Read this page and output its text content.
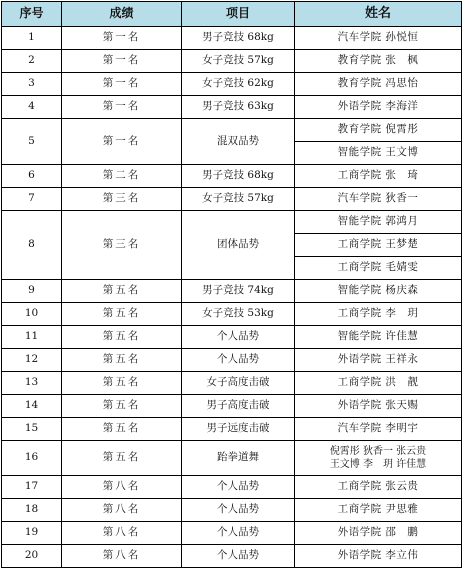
序号	成绩	项目	姓名
1	第一名	男子竞技 68kg	汽车学院 孙悦恒
2	第一名	女子竞技 57kg	教育学院 张　枫
3	第一名	女子竞技 62kg	教育学院 冯思怡
4	第一名	男子竞技 63kg	外语学院 李海洋
5	第一名	混双品势	教育学院 倪霄彤
			智能学院 王文博
6	第二名	男子竞技 68kg	工商学院 张　琦
7	第三名	女子竞技 57kg	汽车学院 狄香一
8	第三名	团体品势	智能学院 郭鸿月
			工商学院 王梦楚
			工商学院 毛婧雯
9	第五名	男子竞技 74kg	智能学院 杨庆森
10	第五名	女子竞技 53kg	工商学院 李　玥
11	第五名	个人品势	智能学院 许佳慧
12	第五名	个人品势	外语学院 王祥永
13	第五名	女子高度击破	工商学院 洪　靓
14	第五名	男子高度击破	外语学院 张天赐
15	第五名	男子远度击破	汽车学院 李明宇
16	第五名	跆拳道舞	倪霄彤 狄香一 张云贵
王文博 李　玥 许佳慧

17	第八名	个人品势	工商学院 张云贵
18	第八名	个人品势	工商学院 尹思雅
19	第八名	个人品势	外语学院 邵　鹏
20	第八名	个人品势	外语学院 李立伟
